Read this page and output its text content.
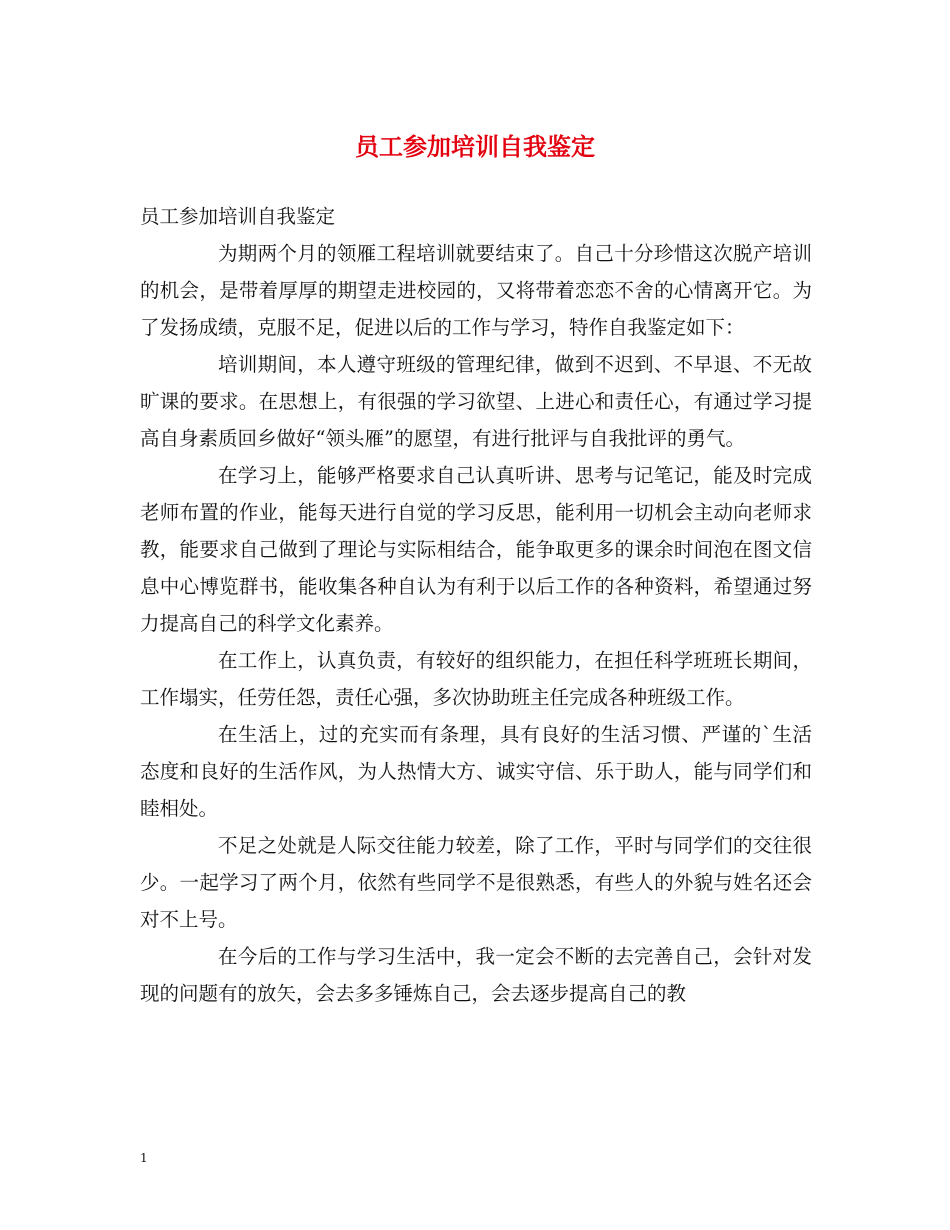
员工参加培训自我鉴定

员工参加培训自我鉴定

为期两个月的领雁工程培训就要结束了。自己十分珍惜这次脱产培训的机会，是带着厚厚的期望走进校园的，又将带着恋恋不舍的心情离开它。为了发扬成绩，克服不足，促进以后的工作与学习，特作自我鉴定如下：

培训期间，本人遵守班级的管理纪律，做到不迟到、不早退、不无故旷课的要求。在思想上，有很强的学习欲望、上进心和责任心，有通过学习提高自身素质回乡做好“领头雁”的愿望，有进行批评与自我批评的勇气。

在学习上，能够严格要求自己认真听讲、思考与记笔记，能及时完成老师布置的作业，能每天进行自觉的学习反思，能利用一切机会主动向老师求教，能要求自己做到了理论与实际相结合，能争取更多的课余时间泡在图文信息中心博览群书，能收集各种自认为有利于以后工作的各种资料，希望通过努力提高自己的科学文化素养。

在工作上，认真负责，有较好的组织能力，在担任科学班班长期间，工作塌实，任劳任怨，责任心强，多次协助班主任完成各种班级工作。

在生活上，过的充实而有条理，具有良好的生活习惯、严谨的`生活态度和良好的生活作风，为人热情大方、诚实守信、乐于助人，能与同学们和睦相处。

不足之处就是人际交往能力较差，除了工作，平时与同学们的交往很少。一起学习了两个月，依然有些同学不是很熟悉，有些人的外貌与姓名还会对不上号。

在今后的工作与学习生活中，我一定会不断的去完善自己，会针对发现的问题有的放矢，会去多多锤炼自己，会去逐步提高自己的教

1
